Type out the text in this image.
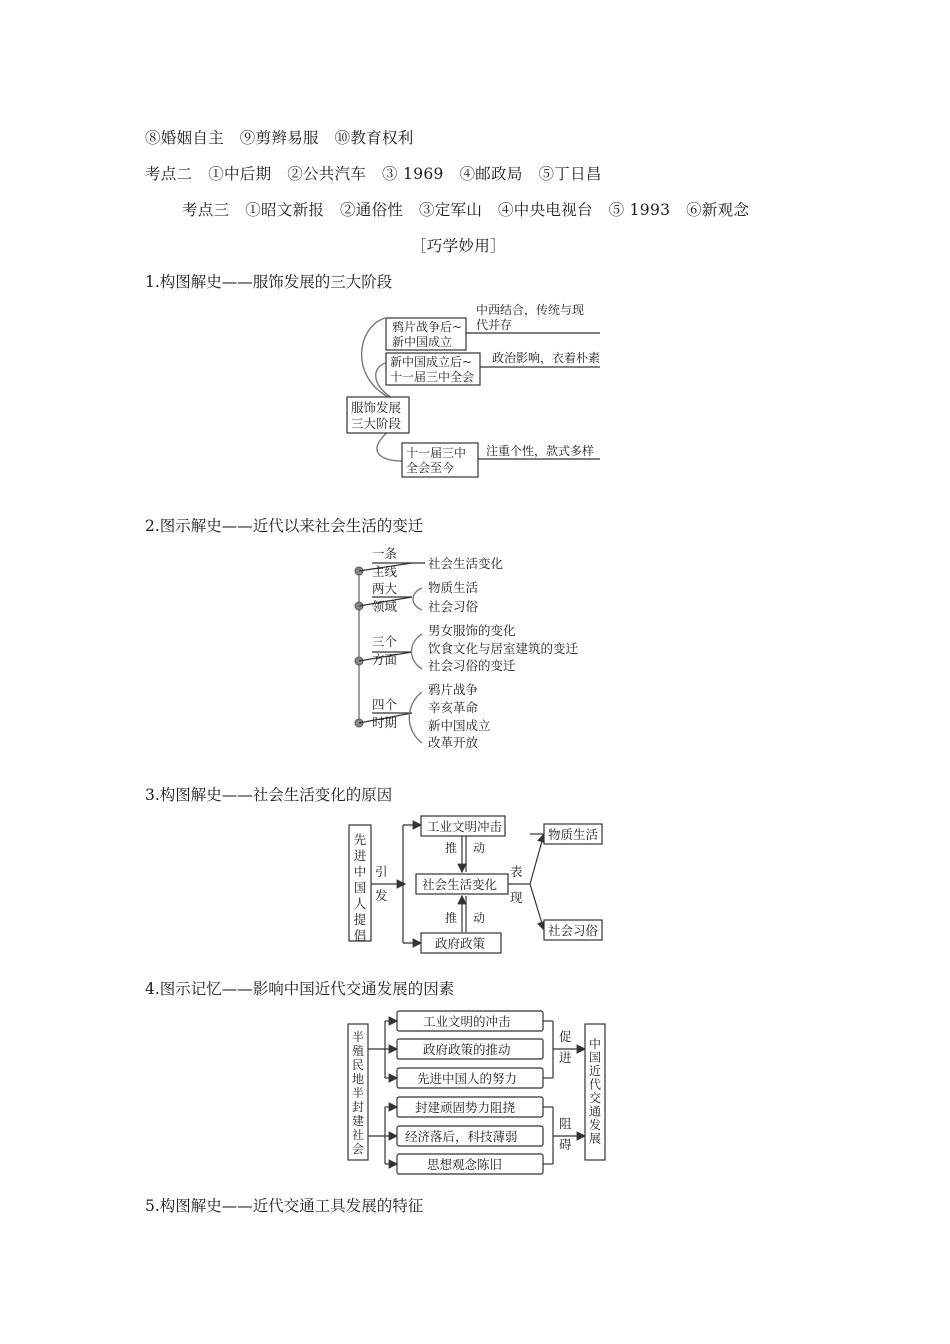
⑧婚姻自主　⑨剪辫易服　⑩教育权利
考点二　①中后期　②公共汽车　③ 1969　④邮政局　⑤丁日昌
考点三　①昭文新报　②通俗性　③定军山　④中央电视台　⑤ 1993　⑥新观念
［巧学妙用］
1.构图解史——服饰发展的三大阶段
鸦片战争后~
新中国成立
中西结合，传统与现
代并存
新中国成立后~
十一届三中全会
政治影响，衣着朴素
服饰发展
三大阶段
十一届三中
全会至今
注重个性，款式多样
2.图示解史——近代以来社会生活的变迁
一条
主线
社会生活变化
两大
领域
物质生活
社会习俗
三个
方面
男女服饰的变化
饮食文化与居室建筑的变迁
社会习俗的变迁
四个
时期
鸦片战争
辛亥革命
新中国成立
改革开放
3.构图解史——社会生活变化的原因
先
进
中
国
人
提
倡
引
发
工业文明冲击
推 动
社会生活变化
推 动
政府政策
表
现
物质生活
社会习俗
4.图示记忆——影响中国近代交通发展的因素
半
殖
民
地
半
封
建
社
会
工业文明的冲击
政府政策的推动
先进中国人的努力
封建顽固势力阻挠
经济落后，科技薄弱
思想观念陈旧
促
进
阻
碍
中
国
近
代
交
通
发
展
5.构图解史——近代交通工具发展的特征
